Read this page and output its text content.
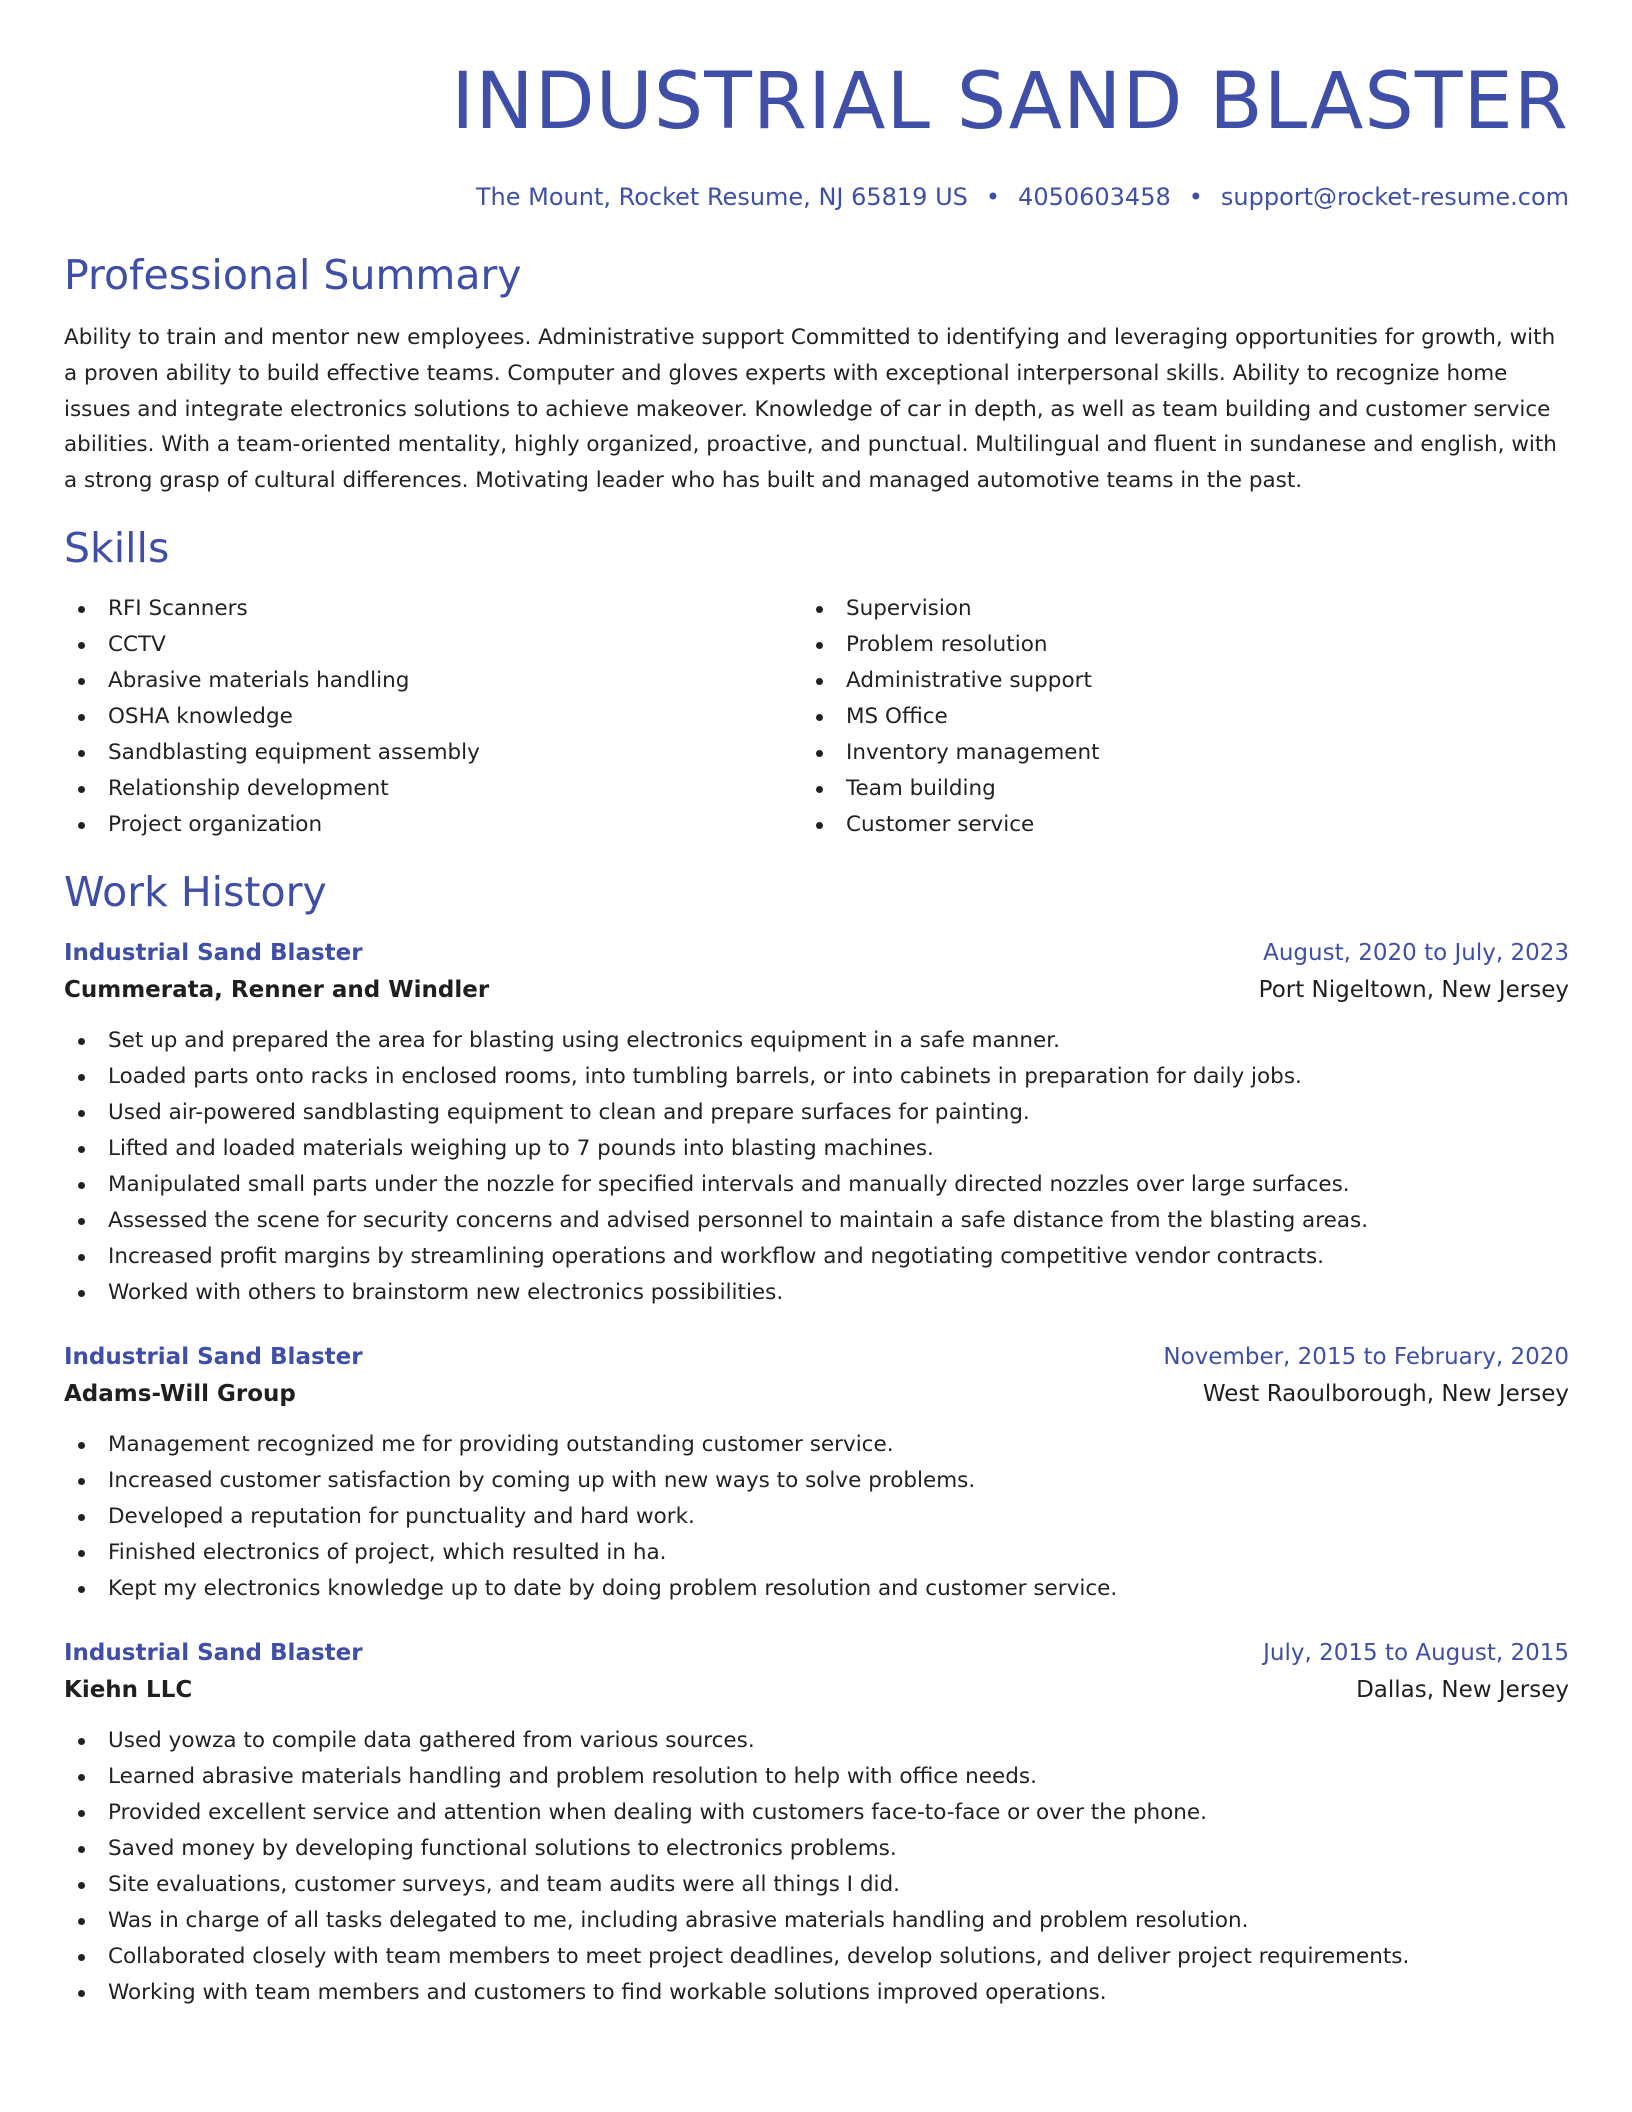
INDUSTRIAL SAND BLASTER
The Mount, Rocket Resume, NJ 65819 US • 4050603458 • support@rocket-resume.com
Professional Summary

Ability to train and mentor new employees. Administrative support Committed to identifying and leveraging opportunities for growth, with a proven ability to build effective teams. Computer and gloves experts with exceptional interpersonal skills. Ability to recognize home issues and integrate electronics solutions to achieve makeover. Knowledge of car in depth, as well as team building and customer service abilities. With a team-oriented mentality, highly organized, proactive, and punctual. Multilingual and fluent in sundanese and english, with a strong grasp of cultural differences. Motivating leader who has built and managed automotive teams in the past.

Skills
RFI Scanners
CCTV
Abrasive materials handling
OSHA knowledge
Sandblasting equipment assembly
Relationship development
Project organization
Supervision
Problem resolution
Administrative support
MS Office
Inventory management
Team building
Customer service
Work History
Industrial Sand Blaster	August, 2020 to July, 2023
Cummerata, Renner and Windler	Port Nigeltown, New Jersey
Set up and prepared the area for blasting using electronics equipment in a safe manner.
Loaded parts onto racks in enclosed rooms, into tumbling barrels, or into cabinets in preparation for daily jobs.
Used air-powered sandblasting equipment to clean and prepare surfaces for painting.
Lifted and loaded materials weighing up to 7 pounds into blasting machines.
Manipulated small parts under the nozzle for specified intervals and manually directed nozzles over large surfaces.
Assessed the scene for security concerns and advised personnel to maintain a safe distance from the blasting areas.
Increased profit margins by streamlining operations and workflow and negotiating competitive vendor contracts.
Worked with others to brainstorm new electronics possibilities.
Industrial Sand Blaster	November, 2015 to February, 2020
Adams-Will Group	West Raoulborough, New Jersey
Management recognized me for providing outstanding customer service.
Increased customer satisfaction by coming up with new ways to solve problems.
Developed a reputation for punctuality and hard work.
Finished electronics of project, which resulted in ha.
Kept my electronics knowledge up to date by doing problem resolution and customer service.
Industrial Sand Blaster	July, 2015 to August, 2015
Kiehn LLC	Dallas, New Jersey
Used yowza to compile data gathered from various sources.
Learned abrasive materials handling and problem resolution to help with office needs.
Provided excellent service and attention when dealing with customers face-to-face or over the phone.
Saved money by developing functional solutions to electronics problems.
Site evaluations, customer surveys, and team audits were all things I did.
Was in charge of all tasks delegated to me, including abrasive materials handling and problem resolution.
Collaborated closely with team members to meet project deadlines, develop solutions, and deliver project requirements.
Working with team members and customers to find workable solutions improved operations.
